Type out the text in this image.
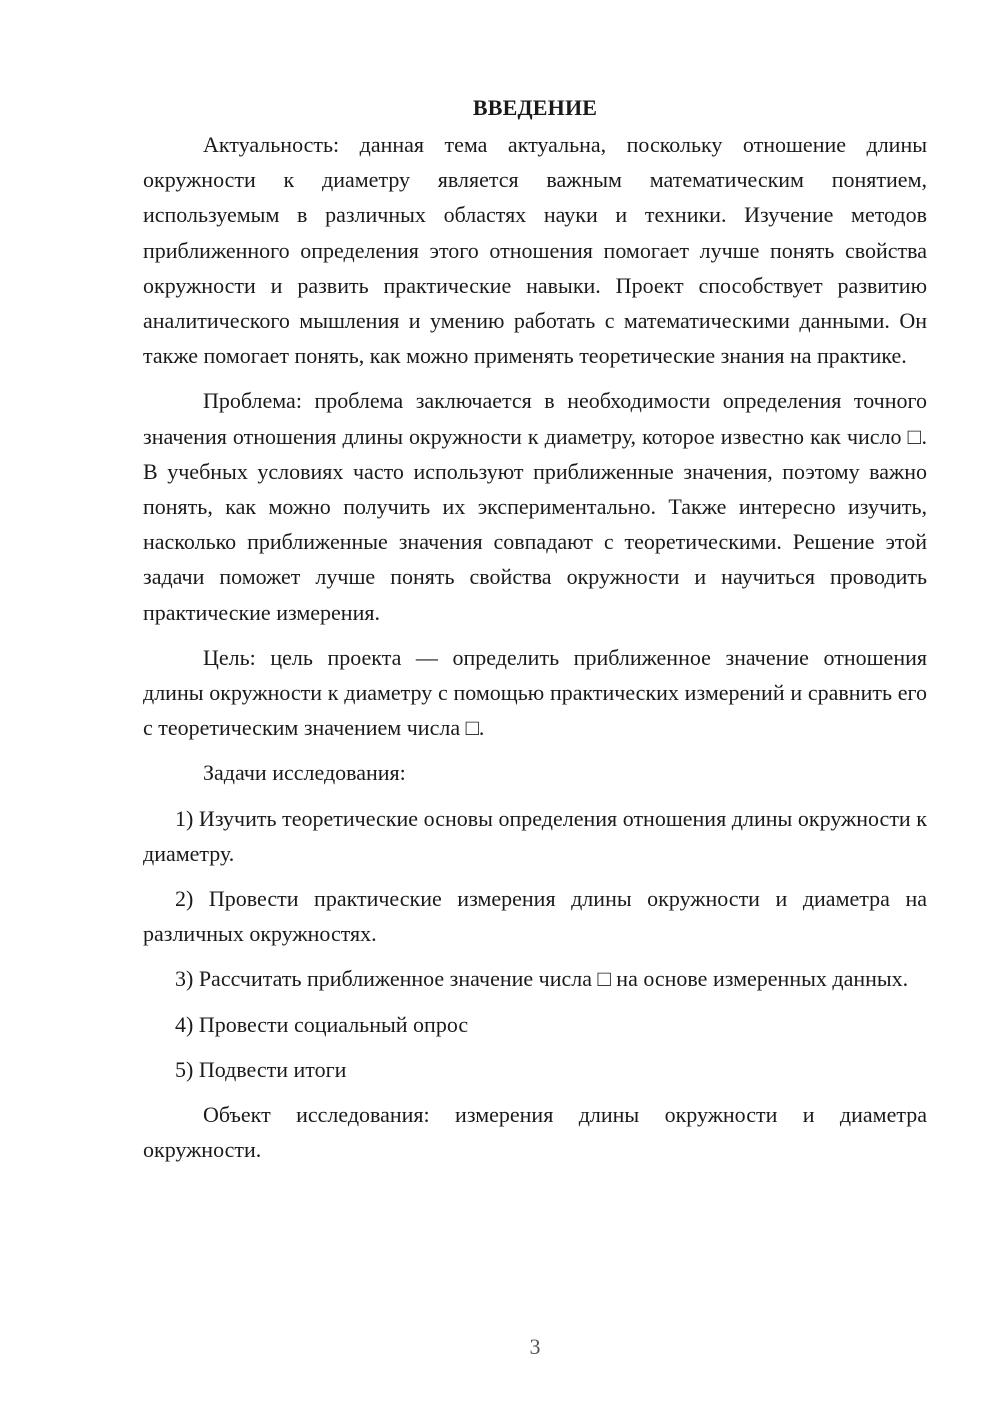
ВВЕДЕНИЕ

Актуальность: данная тема актуальна, поскольку отношение длины окружности к диаметру является важным математическим понятием, используемым в различных областях науки и техники. Изучение методов приближенного определения этого отношения помогает лучше понять свойства окружности и развить практические навыки. Проект способствует развитию аналитического мышления и умению работать с математическими данными. Он также помогает понять, как можно применять теоретические знания на практике.

Проблема: проблема заключается в необходимости определения точного значения отношения длины окружности к диаметру, которое известно как число □. В учебных условиях часто используют приближенные значения, поэтому важно понять, как можно получить их экспериментально. Также интересно изучить, насколько приближенные значения совпадают с теоретическими. Решение этой задачи поможет лучше понять свойства окружности и научиться проводить практические измерения.

Цель: цель проекта — определить приближенное значение отношения длины окружности к диаметру с помощью практических измерений и сравнить его с теоретическим значением числа □.

Задачи исследования:

1) Изучить теоретические основы определения отношения длины окружности к диаметру.

2) Провести практические измерения длины окружности и диаметра на различных окружностях.

3) Рассчитать приближенное значение числа □ на основе измеренных данных.

4) Провести социальный опрос

5) Подвести итоги

Объект исследования: измерения длины окружности и диаметра окружности.

3
